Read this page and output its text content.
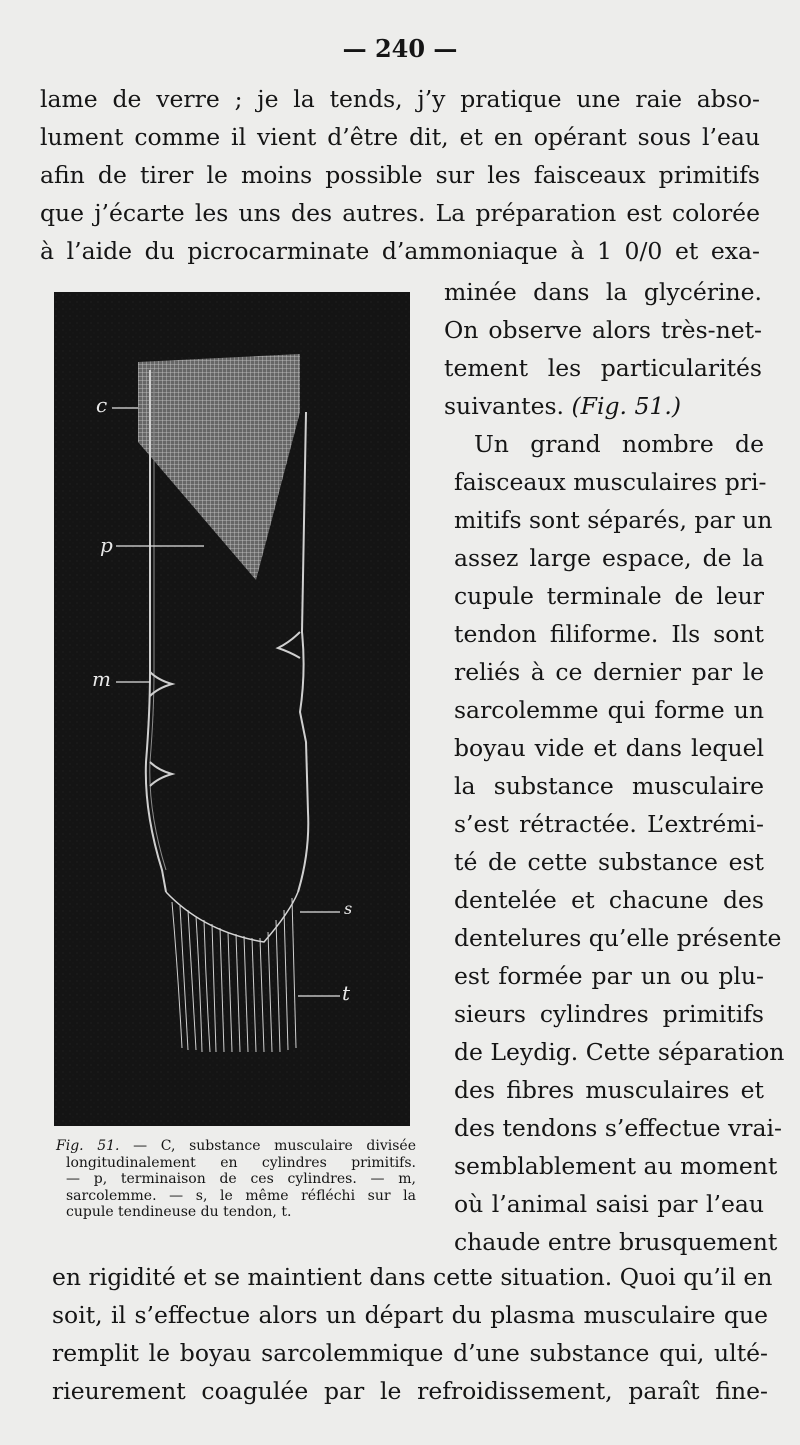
— 240 —
lame de verre ; je la tends, j’y pratique une raie abso-
lument comme il vient d’être dit, et en opérant sous l’eau
afin de tirer le moins possible sur les faisceaux primitifs
que j’écarte les uns des autres. La préparation est colorée
à l’aide du picrocarminate d’ammoniaque à 1 0/0 et exa-
c
p
m
s
t
minée dans la glycérine.
On observe alors très-net-
tement les particularités
suivantes. (Fig. 51.)
Un grand nombre de
faisceaux musculaires pri-
mitifs sont séparés, par un
assez large espace, de la
cupule terminale de leur
tendon filiforme. Ils sont
reliés à ce dernier par le
sarcolemme qui forme un
boyau vide et dans lequel
la substance musculaire
s’est rétractée. L’extrémi-
té de cette substance est
dentelée et chacune des
dentelures qu’elle présente
est formée par un ou plu-
sieurs cylindres primitifs
de Leydig. Cette séparation
des fibres musculaires et
des tendons s’effectue vrai-
semblablement au moment
où l’animal saisi par l’eau
chaude entre brusquement
Fig. 51. — C, substance musculaire divisée
longitudinalement en cylindres primitifs.
— p, terminaison de ces cylindres. — m,
sarcolemme. — s, le même réfléchi sur la
cupule tendineuse du tendon, t.
en rigidité et se maintient dans cette situation. Quoi qu’il en
soit, il s’effectue alors un départ du plasma musculaire que
remplit le boyau sarcolemmique d’une substance qui, ulté-
rieurement coagulée par le refroidissement, paraît fine-
